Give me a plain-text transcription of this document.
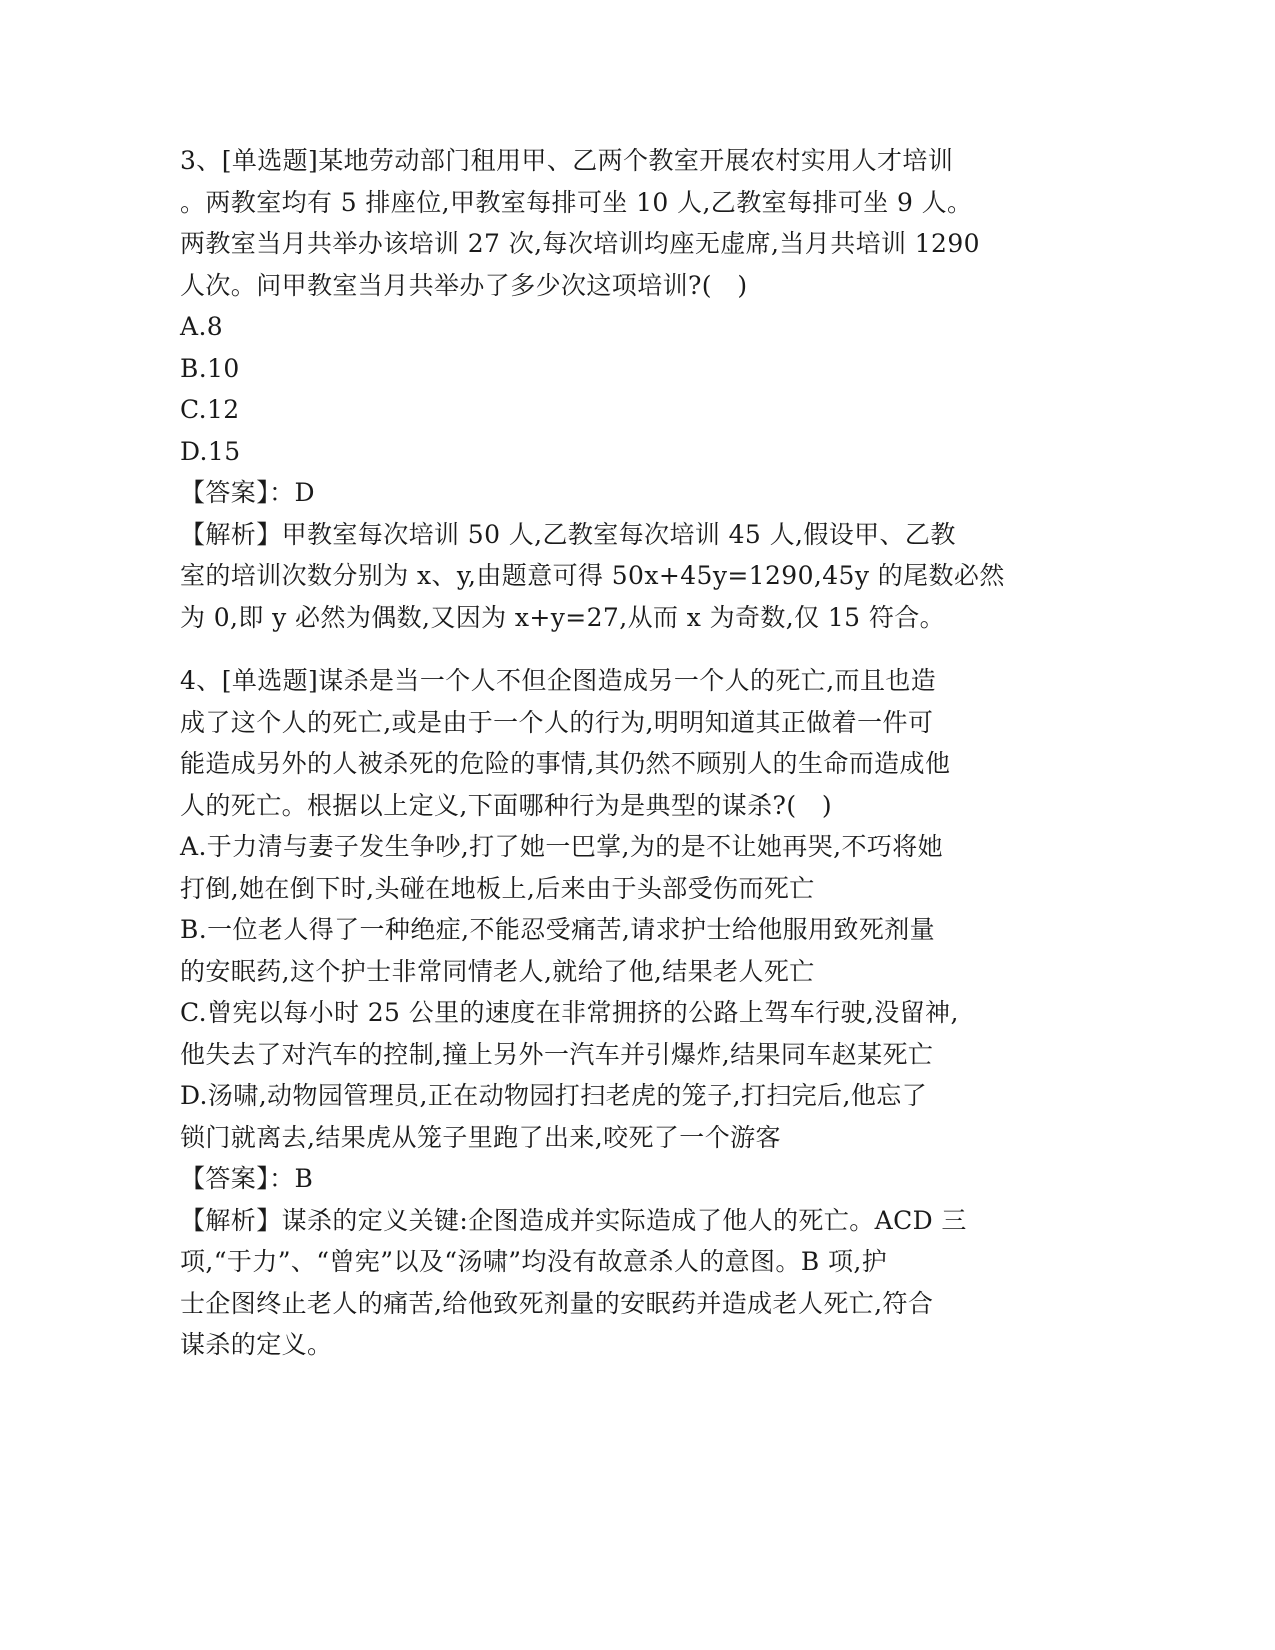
3、[单选题]某地劳动部门租用甲、乙两个教室开展农村实用人才培训
。两教室均有 5 排座位,甲教室每排可坐 10 人,乙教室每排可坐 9 人。
两教室当月共举办该培训 27 次,每次培训均座无虚席,当月共培训 1290
人次。问甲教室当月共举办了多少次这项培训?(　)
A.8
B.10
C.12
D.15
【答案】：D
【解析】甲教室每次培训 50 人,乙教室每次培训 45 人,假设甲、乙教
室的培训次数分别为 x、y,由题意可得 50x+45y=1290,45y 的尾数必然
为 0,即 y 必然为偶数,又因为 x+y=27,从而 x 为奇数,仅 15 符合。
4、[单选题]谋杀是当一个人不但企图造成另一个人的死亡,而且也造
成了这个人的死亡,或是由于一个人的行为,明明知道其正做着一件可
能造成另外的人被杀死的危险的事情,其仍然不顾别人的生命而造成他
人的死亡。根据以上定义,下面哪种行为是典型的谋杀?(　)
A.于力清与妻子发生争吵,打了她一巴掌,为的是不让她再哭,不巧将她
打倒,她在倒下时,头碰在地板上,后来由于头部受伤而死亡
B.一位老人得了一种绝症,不能忍受痛苦,请求护士给他服用致死剂量
的安眠药,这个护士非常同情老人,就给了他,结果老人死亡
C.曾宪以每小时 25 公里的速度在非常拥挤的公路上驾车行驶,没留神,
他失去了对汽车的控制,撞上另外一汽车并引爆炸,结果同车赵某死亡
D.汤啸,动物园管理员,正在动物园打扫老虎的笼子,打扫完后,他忘了
锁门就离去,结果虎从笼子里跑了出来,咬死了一个游客
【答案】：B
【解析】谋杀的定义关键:企图造成并实际造成了他人的死亡。ACD 三
项,“于力”、“曾宪”以及“汤啸”均没有故意杀人的意图。B 项,护
士企图终止老人的痛苦,给他致死剂量的安眠药并造成老人死亡,符合
谋杀的定义。
